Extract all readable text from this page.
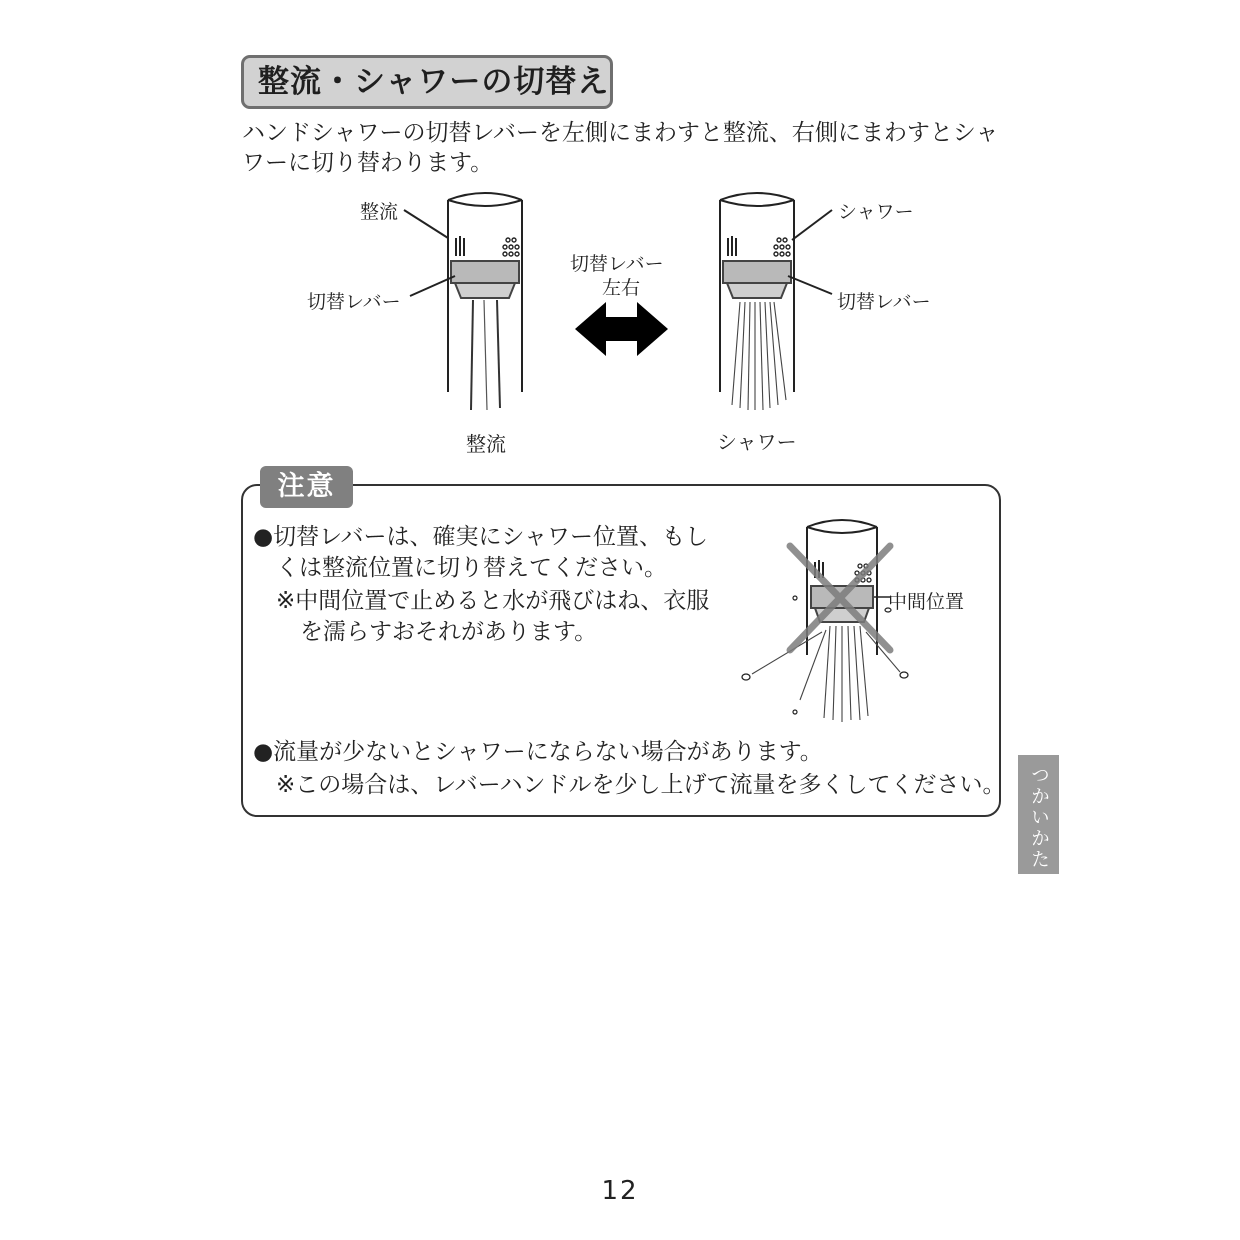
整流・シャワーの切替え
ハンドシャワーの切替レバーを左側にまわすと整流、右側にまわすとシャ
ワーに切り替わります。
整流
切替レバー
整流
切替レバー
左右
シャワー
切替レバー
シャワー
注意
●切替レバーは、確実にシャワー位置、もし
くは整流位置に切り替えてください。
※中間位置で止めると水が飛びはね、衣服
を濡らすおそれがあります。
中間位置
●流量が少ないとシャワーにならない場合があります。
※この場合は、レバーハンドルを少し上げて流量を多くしてください。	つかいかた
12
